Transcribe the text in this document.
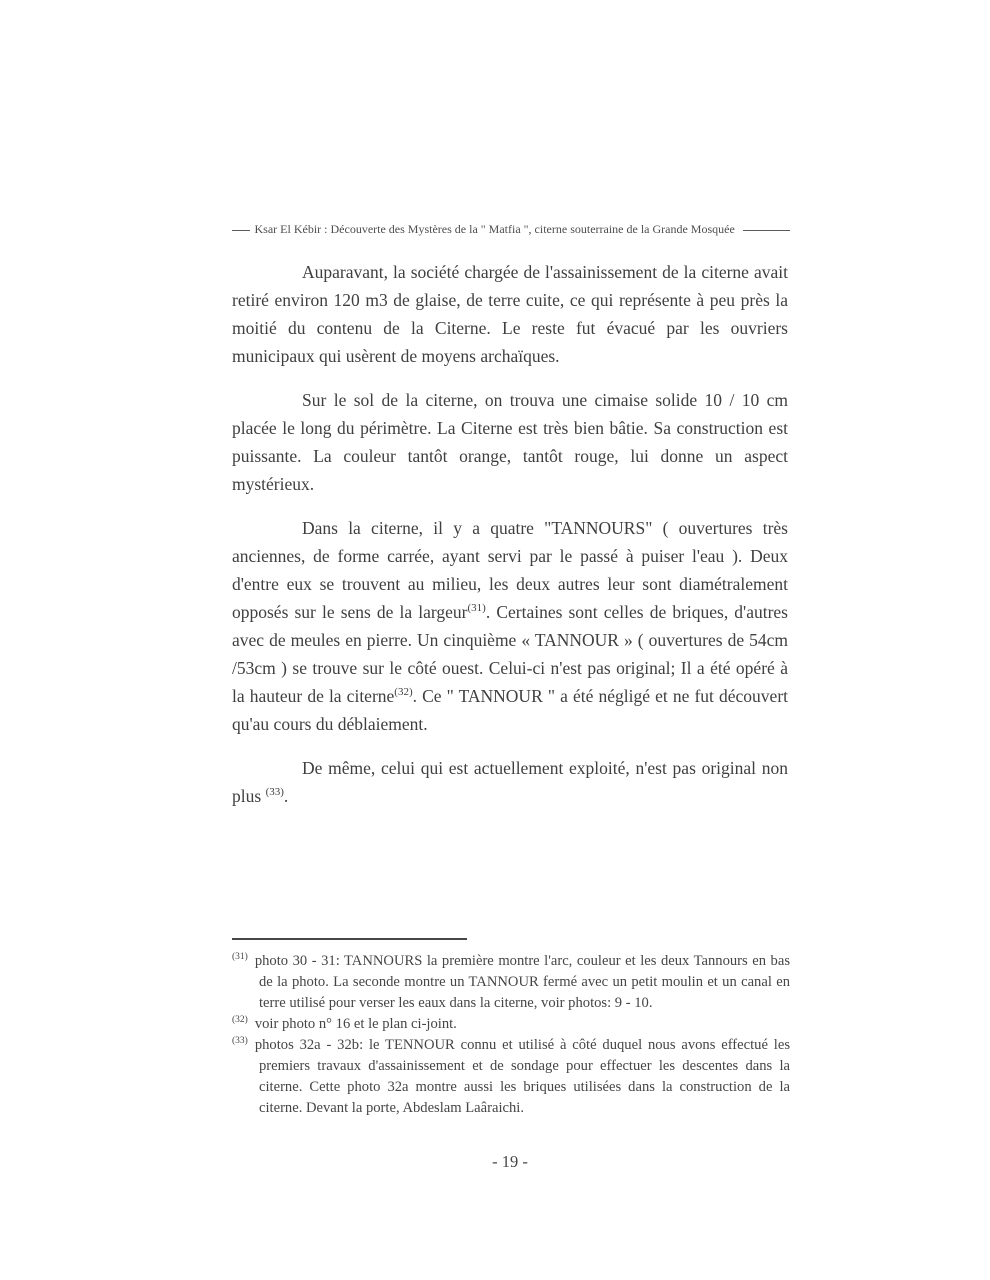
Ksar El Kébir : Découverte des Mystères de la " Matfia ", citerne souterraine de la Grande Mosquée

Auparavant, la société chargée de l'assainissement de la citerne avait retiré environ 120 m3 de glaise, de terre cuite, ce qui représente à peu près la moitié du contenu de la Citerne. Le reste fut évacué par les ouvriers municipaux qui usèrent de moyens archaïques.

Sur le sol de la citerne, on trouva une cimaise solide 10 / 10 cm placée le long du périmètre. La Citerne est très bien bâtie. Sa construction est puissante. La couleur tantôt orange, tantôt rouge, lui donne un aspect mystérieux.

Dans la citerne, il y a quatre "TANNOURS" ( ouvertures très anciennes, de forme carrée, ayant servi par le passé à puiser l'eau ). Deux d'entre eux se trouvent au milieu, les deux autres leur sont diamétralement opposés sur le sens de la largeur$^{(31)}$. Certaines sont celles de briques, d'autres avec de meules en pierre. Un cinquième « TANNOUR » ( ouvertures de 54cm /53cm ) se trouve sur le côté ouest. Celui-ci n'est pas original; Il a été opéré à la hauteur de la citerne$^{(32)}$. Ce " TANNOUR " a été négligé et ne fut découvert qu'au cours du déblaiement.

De même, celui qui est actuellement exploité, n'est pas original non plus $^{(33)}$.

$^{(31)}$ photo 30 - 31: TANNOURS la première montre l'arc, couleur et les deux Tannours en bas de la photo. La seconde montre un TANNOUR fermé avec un petit moulin et un canal en terre utilisé pour verser les eaux dans la citerne, voir photos: 9 - 10.

$^{(32)}$ voir photo n° 16 et le plan ci-joint.

$^{(33)}$ photos 32a - 32b: le TENNOUR connu et utilisé à côté duquel nous avons effectué les premiers travaux d'assainissement et de sondage pour effectuer les descentes dans la citerne. Cette photo 32a montre aussi les briques utilisées dans la construction de la citerne. Devant la porte, Abdeslam Laâraichi.

- 19 -
